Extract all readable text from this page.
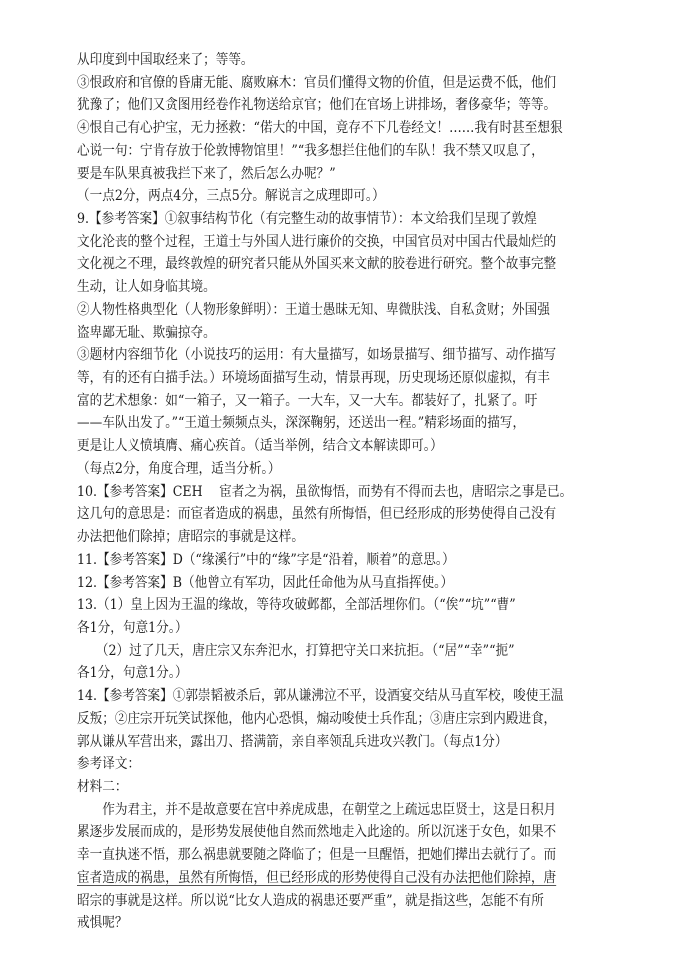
从印度到中国取经来了；等等。
③恨政府和官僚的昏庸无能、腐败麻木：官员们懂得文物的价值，但是运费不低，他们
犹豫了；他们又贪图用经卷作礼物送给京官；他们在官场上讲排场，奢侈豪华；等等。
④恨自己有心护宝，无力拯救：“偌大的中国，竟存不下几卷经文！……我有时甚至想狠
心说一句：宁肯存放于伦敦博物馆里！”“我多想拦住他们的车队！我不禁又叹息了，
要是车队果真被我拦下来了，然后怎么办呢？”
（一点2分，两点4分，三点5分。解说言之成理即可。）
9.【参考答案】①叙事结构节化（有完整生动的故事情节）：本文给我们呈现了敦煌
文化沦丧的整个过程，王道士与外国人进行廉价的交换，中国官员对中国古代最灿烂的
文化视之不理，最终敦煌的研究者只能从外国买来文献的胶卷进行研究。整个故事完整
生动，让人如身临其境。
②人物性格典型化（人物形象鲜明）：王道士愚昧无知、卑微肤浅、自私贪财；外国强
盗卑鄙无耻、欺骗掠夺。
③题材内容细节化（小说技巧的运用：有大量描写，如场景描写、细节描写、动作描写
等，有的还有白描手法。）环境场面描写生动，情景再现，历史现场还原似虚拟，有丰
富的艺术想象：如“一箱子，又一箱子。一大车，又一大车。都装好了，扎紧了。吁
——车队出发了。”“王道士频频点头，深深鞠躬，还送出一程。”精彩场面的描写，
更是让人义愤填膺、痛心疾首。（适当举例，结合文本解读即可。）
（每点2分，角度合理，适当分析。）
10.【参考答案】CEH　 宦者之为祸，虽欲悔悟，而势有不得而去也，唐昭宗之事是已。
这几句的意思是：而宦者造成的祸患，虽然有所悔悟，但已经形成的形势使得自己没有
办法把他们除掉；唐昭宗的事就是这样。
11.【参考答案】D（“缘溪行”中的“缘”字是“沿着，顺着”的意思。）
12.【参考答案】B（他曾立有军功，因此任命他为从马直指挥使。）
13.（1）皇上因为王温的缘故，等待攻破邺都，全部活埋你们。（“俟”“坑”“曹”
各1分，句意1分。）
　　（2）过了几天，唐庄宗又东奔汜水，打算把守关口来抗拒。（“居”“幸”“扼”
各1分，句意1分。）
14.【参考答案】①郭崇韬被杀后，郭从谦沸泣不平，设酒宴交结从马直军校，唆使王温
反叛；②庄宗开玩笑试探他，他内心恐惧，煽动唆使士兵作乱；③唐庄宗到内殿进食，
郭从谦从军营出来，露出刀、搭满箭，亲自率领乱兵进攻兴教门。（每点1分）
参考译文：
材料二：
　　作为君主，并不是故意要在宫中养虎成患，在朝堂之上疏远忠臣贤士，这是日积月
累逐步发展而成的，是形势发展使他自然而然地走入此途的。所以沉迷于女色，如果不
幸一直执迷不悟，那么祸患就要随之降临了；但是一旦醒悟，把她们撵出去就行了。而
宦者造成的祸患，虽然有所悔悟，但已经形成的形势使得自己没有办法把他们除掉，唐
昭宗的事就是这样。所以说“比女人造成的祸患还要严重”，就是指这些，怎能不有所
戒惧呢？
